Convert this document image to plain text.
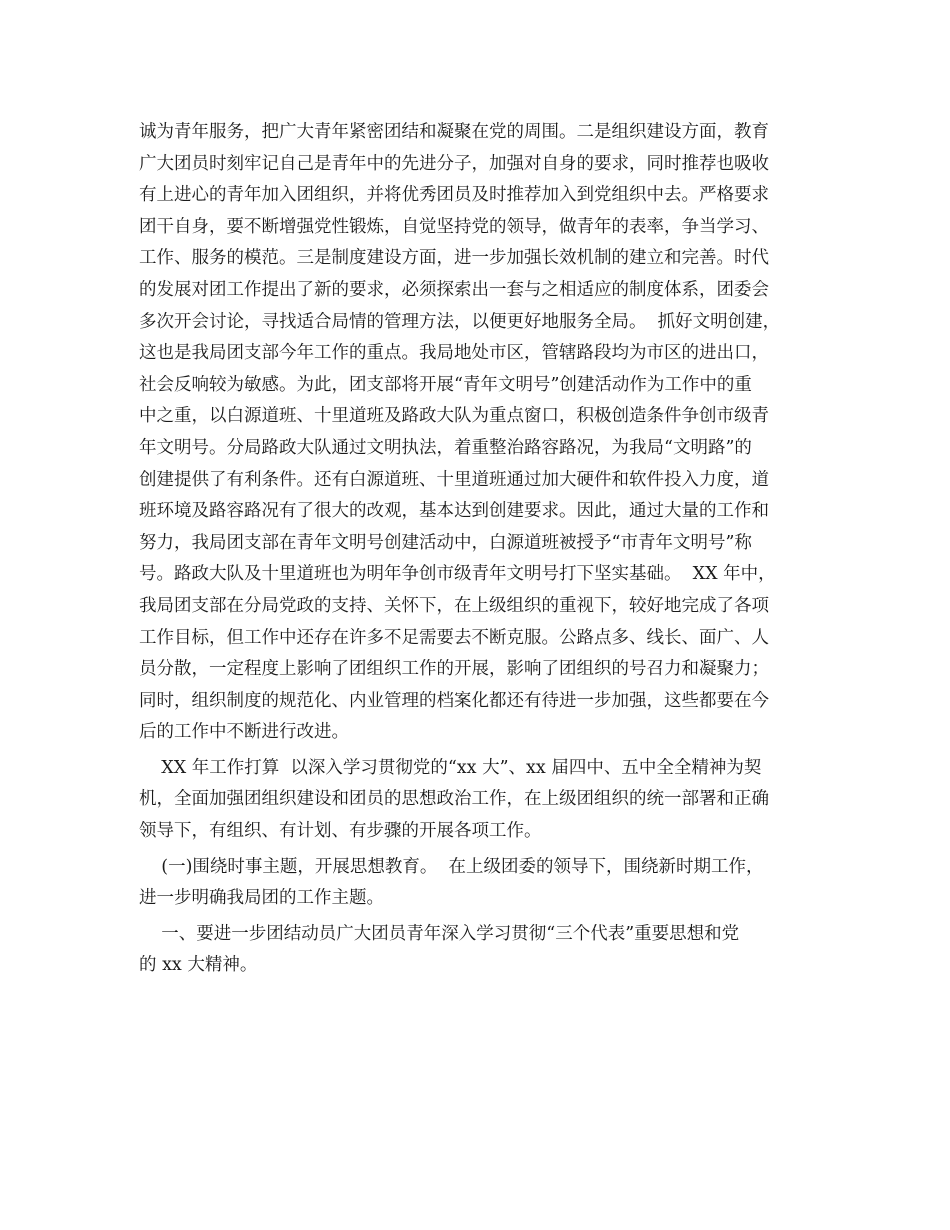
诚为青年服务，把广大青年紧密团结和凝聚在党的周围。二是组织建设方面，教育
广大团员时刻牢记自己是青年中的先进分子，加强对自身的要求，同时推荐也吸收
有上进心的青年加入团组织，并将优秀团员及时推荐加入到党组织中去。严格要求
团干自身，要不断增强党性锻炼，自觉坚持党的领导，做青年的表率，争当学习、
工作、服务的模范。三是制度建设方面，进一步加强长效机制的建立和完善。时代
的发展对团工作提出了新的要求，必须探索出一套与之相适应的制度体系，团委会
多次开会讨论，寻找适合局情的管理方法，以便更好地服务全局。  抓好文明创建，
这也是我局团支部今年工作的重点。我局地处市区，管辖路段均为市区的进出口，
社会反响较为敏感。为此，团支部将开展“青年文明号”创建活动作为工作中的重
中之重，以白源道班、十里道班及路政大队为重点窗口，积极创造条件争创市级青
年文明号。分局路政大队通过文明执法，着重整治路容路况，为我局“文明路”的
创建提供了有利条件。还有白源道班、十里道班通过加大硬件和软件投入力度，道
班环境及路容路况有了很大的改观，基本达到创建要求。因此，通过大量的工作和
努力，我局团支部在青年文明号创建活动中，白源道班被授予“市青年文明号”称
号。路政大队及十里道班也为明年争创市级青年文明号打下坚实基础。  XX 年中，
我局团支部在分局党政的支持、关怀下，在上级组织的重视下，较好地完成了各项
工作目标，但工作中还存在许多不足需要去不断克服。公路点多、线长、面广、人
员分散，一定程度上影响了团组织工作的开展，影响了团组织的号召力和凝聚力；
同时，组织制度的规范化、内业管理的档案化都还有待进一步加强，这些都要在今
后的工作中不断进行改进。
XX 年工作打算  以深入学习贯彻党的“xx 大”、xx 届四中、五中全全精神为契
机，全面加强团组织建设和团员的思想政治工作，在上级团组织的统一部署和正确
领导下，有组织、有计划、有步骤的开展各项工作。
(一)围绕时事主题，开展思想教育。  在上级团委的领导下，围绕新时期工作，
进一步明确我局团的工作主题。
一、要进一步团结动员广大团员青年深入学习贯彻“三个代表”重要思想和党
的 xx 大精神。
